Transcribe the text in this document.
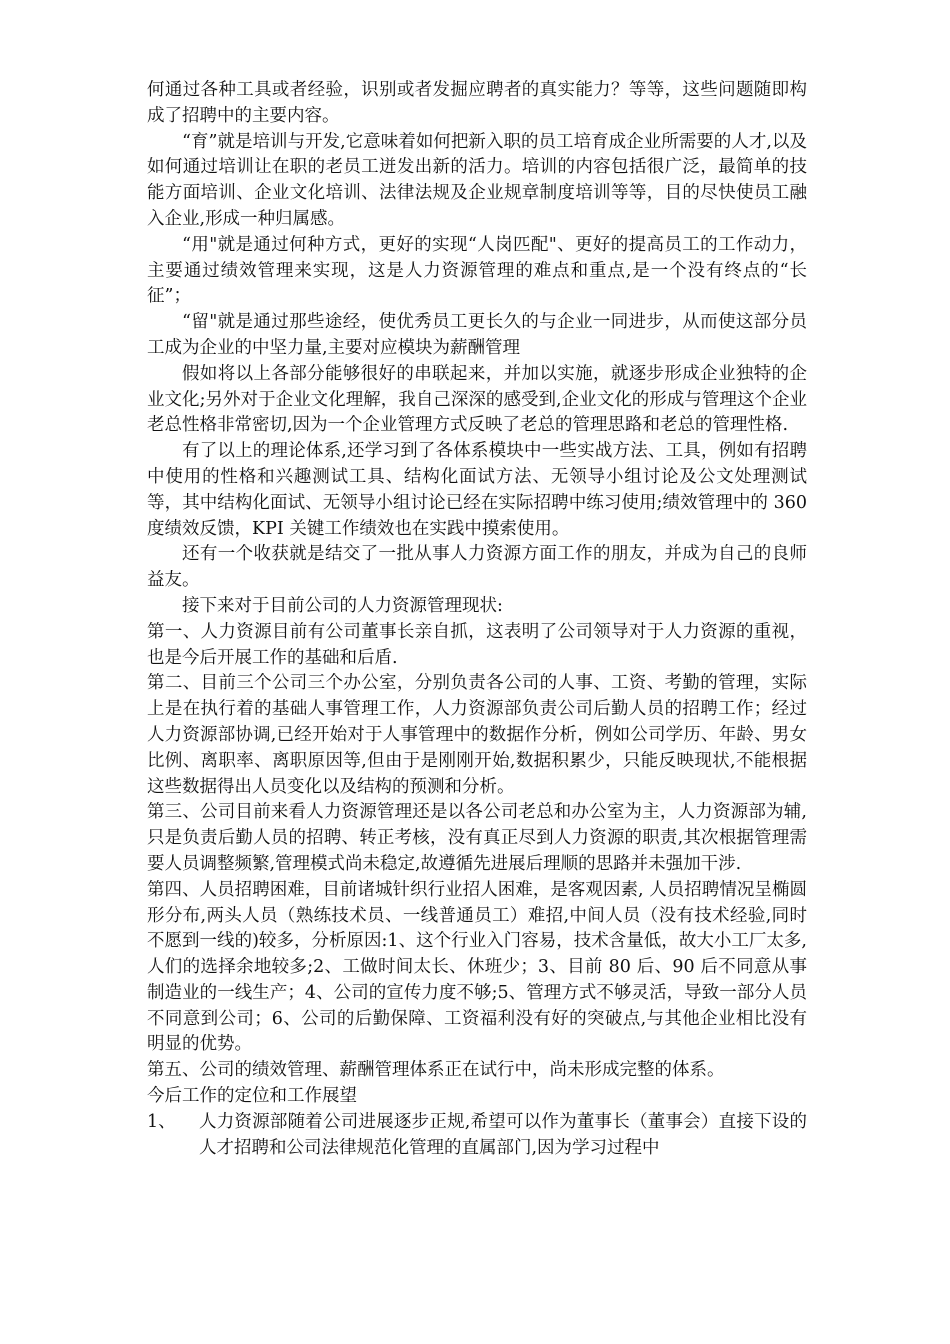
何通过各种工具或者经验，识别或者发掘应聘者的真实能力？等等，这些问题随即构成了招聘中的主要内容。

“育”就是培训与开发,它意味着如何把新入职的员工培育成企业所需要的人才,以及如何通过培训让在职的老员工迸发出新的活力。培训的内容包括很广泛，最简单的技能方面培训、企业文化培训、法律法规及企业规章制度培训等等，目的尽快使员工融入企业,形成一种归属感。

“用"就是通过何种方式，更好的实现“人岗匹配"、更好的提高员工的工作动力，主要通过绩效管理来实现，这是人力资源管理的难点和重点,是一个没有终点的“长征”；

“留"就是通过那些途经，使优秀员工更长久的与企业一同进步，从而使这部分员工成为企业的中坚力量,主要对应模块为薪酬管理

假如将以上各部分能够很好的串联起来，并加以实施，就逐步形成企业独特的企业文化;另外对于企业文化理解，我自己深深的感受到,企业文化的形成与管理这个企业老总性格非常密切,因为一个企业管理方式反映了老总的管理思路和老总的管理性格.

有了以上的理论体系,还学习到了各体系模块中一些实战方法、工具，例如有招聘中使用的性格和兴趣测试工具、结构化面试方法、无领导小组讨论及公文处理测试等，其中结构化面试、无领导小组讨论已经在实际招聘中练习使用;绩效管理中的 360 度绩效反馈，KPI 关键工作绩效也在实践中摸索使用。

还有一个收获就是结交了一批从事人力资源方面工作的朋友，并成为自己的良师益友。

接下来对于目前公司的人力资源管理现状:

第一、人力资源目前有公司董事长亲自抓，这表明了公司领导对于人力资源的重视，也是今后开展工作的基础和后盾.

第二、目前三个公司三个办公室，分别负责各公司的人事、工资、考勤的管理，实际上是在执行着的基础人事管理工作，人力资源部负责公司后勤人员的招聘工作；经过人力资源部协调,已经开始对于人事管理中的数据作分析，例如公司学历、年龄、男女比例、离职率、离职原因等,但由于是刚刚开始,数据积累少，只能反映现状,不能根据这些数据得出人员变化以及结构的预测和分析。

第三、公司目前来看人力资源管理还是以各公司老总和办公室为主，人力资源部为辅,只是负责后勤人员的招聘、转正考核，没有真正尽到人力资源的职责,其次根据管理需要人员调整频繁,管理模式尚未稳定,故遵循先进展后理顺的思路并未强加干涉.

第四、人员招聘困难，目前诸城针织行业招人困难，是客观因素, 人员招聘情况呈椭圆形分布,两头人员（熟练技术员、一线普通员工）难招,中间人员（没有技术经验,同时不愿到一线的)较多，分析原因:1、这个行业入门容易，技术含量低，故大小工厂太多,人们的选择余地较多;2、工做时间太长、休班少；3、目前 80 后、90 后不同意从事制造业的一线生产；4、公司的宣传力度不够;5、管理方式不够灵活，导致一部分人员不同意到公司；6、公司的后勤保障、工资福利没有好的突破点,与其他企业相比没有明显的优势。

第五、公司的绩效管理、薪酬管理体系正在试行中，尚未形成完整的体系。

今后工作的定位和工作展望

1、	人力资源部随着公司进展逐步正规,希望可以作为董事长（董事会）直接下设的人才招聘和公司法律规范化管理的直属部门,因为学习过程中
